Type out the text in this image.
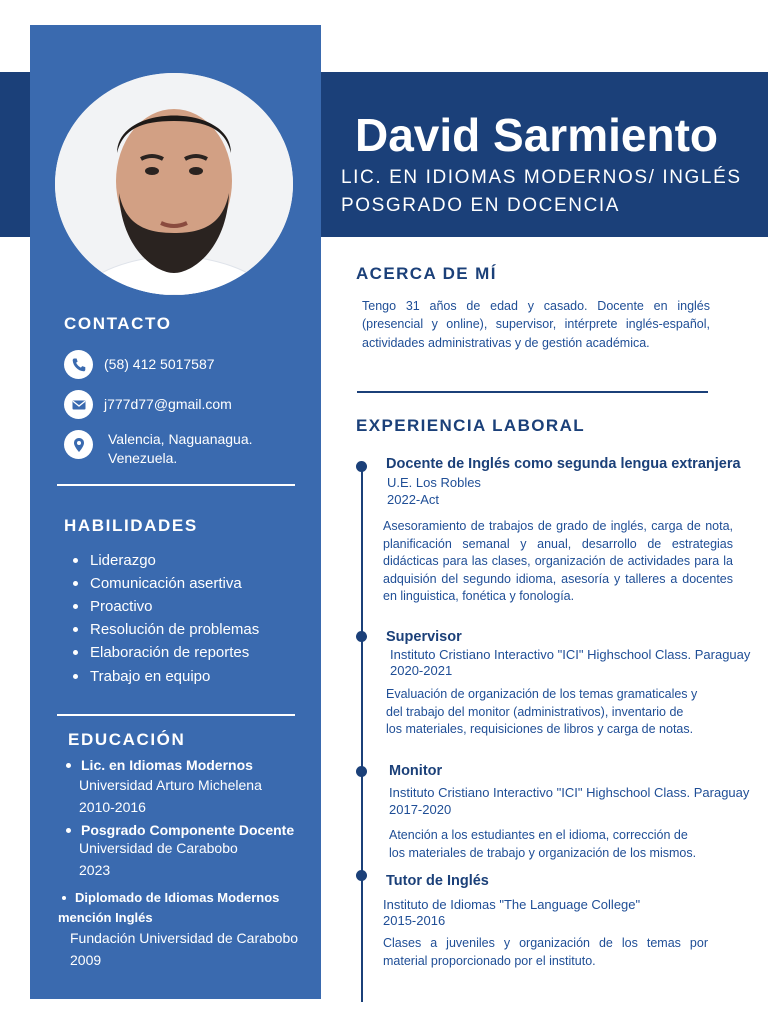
David Sarmiento
LIC. EN IDIOMAS MODERNOS/ INGLÉS
POSGRADO EN DOCENCIA
CONTACTO
(58) 412 5017587
j777d77@gmail.com
Valencia, Naguanagua.
Venezuela.
HABILIDADES
Liderazgo
Comunicación asertiva
Proactivo
Resolución de problemas
Elaboración de reportes
Trabajo en equipo
EDUCACIÓN
Lic. en Idiomas Modernos
Universidad Arturo Michelena
2010-2016
Posgrado Componente Docente
Universidad de Carabobo
2023
Diplomado de Idiomas Modernos
mención Inglés
Fundación Universidad de Carabobo
2009
ACERCA DE MÍ
Tengo 31 años de edad y casado. Docente en inglés (presencial y online), supervisor, intérprete inglés-español, actividades administrativas y de gestión académica.
EXPERIENCIA LABORAL
Docente de Inglés como segunda lengua extranjera
U.E. Los Robles
2022-Act
Asesoramiento de trabajos de grado de inglés, carga de nota, planificación semanal y anual, desarrollo de estrategias didácticas para las clases, organización de actividades para la adquisión del segundo idioma, asesoría y talleres a docentes en linguistica, fonética y fonología.
Supervisor
Instituto Cristiano Interactivo "ICI" Highschool Class. Paraguay
2020-2021
Evaluación de organización de los temas gramaticales y
del trabajo del monitor (administrativos), inventario de
los materiales, requisiciones de libros y carga de notas.
Monitor
Instituto Cristiano Interactivo "ICI" Highschool Class. Paraguay
2017-2020
Atención a los estudiantes en el idioma, corrección de
los materiales de trabajo y organización de los mismos.
Tutor de Inglés
Instituto de Idiomas "The Language College"
2015-2016
Clases a juveniles y organización de los temas por material proporcionado por el instituto.
